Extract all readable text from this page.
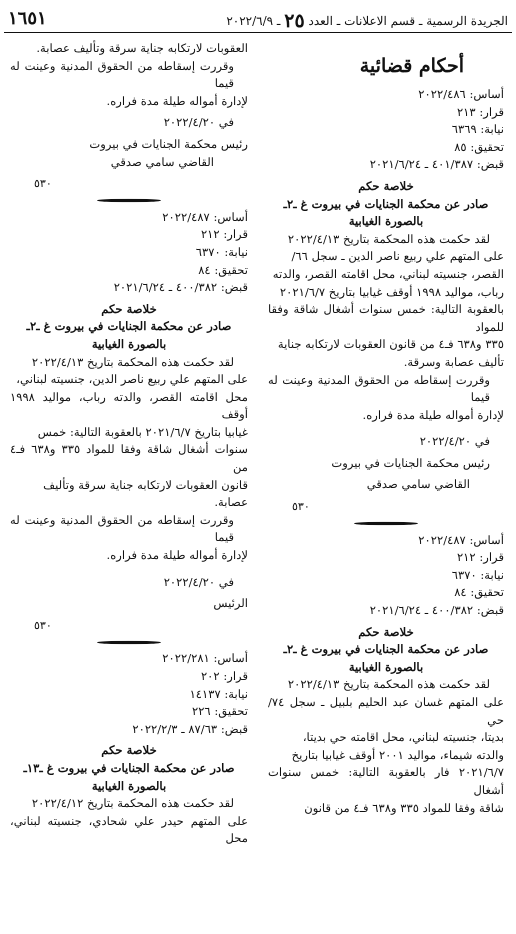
الجريدة الرسمية ـ قسم الاعلانات ـ العدد ٢٥ ـ ٢٠٢٢/٦/٩
١٦٥١

أحكام قضائية

أساس: ٢٠٢٢/٤٨٦

قرار: ٢١٣

نيابة: ٦٣٦٩

تحقيق: ٨٥

قبض: ٤٠١/٣٨٧ ـ ٢٠٢١/٦/٢٤

خلاصة حكم

صادر عن محكمة الجنايات في بيروت غ ـ٢ـ

بالصورة الغيابية

لقد حكمت هذه المحكمة بتاريخ ٢٠٢٢/٤/١٣

على المتهم علي ربيع ناصر الدين ـ سجل ٦٦/

القصر، جنسيته لبناني، محل اقامته القصر، والدته

رباب، مواليد ١٩٩٨ أوقف غيابيا بتاريخ ٢٠٢١/٦/٧

بالعقوبة التالية: خمس سنوات أشغال شاقة وفقا للمواد

٣٣٥ و٦٣٨ فـ٤ من قانون العقوبات لارتكابه جناية

تأليف عصابة وسرقة.

وقررت إسقاطه من الحقوق المدنية وعينت له قيما

لإدارة أمواله طيلة مدة فراره.

في ٢٠٢٢/٤/٢٠

رئيس محكمة الجنايات في بيروت

القاضي سامي صدقي

٥٣٠

أساس: ٢٠٢٢/٤٨٧

قرار: ٢١٢

نيابة: ٦٣٧٠

تحقيق: ٨٤

قبض: ٤٠٠/٣٨٢ ـ ٢٠٢١/٦/٢٤

خلاصة حكم

صادر عن محكمة الجنايات في بيروت غ ـ٢ـ

بالصورة الغيابية

لقد حكمت هذه المحكمة بتاريخ ٢٠٢٢/٤/١٣

على المتهم غسان عبد الحليم بلبيل ـ سجل ٧٤/ حي

بديتا، جنسيته لبناني، محل اقامته حي بديتا،

والدته شيماء، مواليد ٢٠٠١ أوقف غيابيا بتاريخ

٢٠٢١/٦/٧ فار بالعقوبة التالية: خمس سنوات أشغال

شاقة وفقا للمواد ٣٣٥ و٦٣٨ فـ٤ من قانون

العقوبات لارتكابه جناية سرقة وتأليف عصابة.

وقررت إسقاطه من الحقوق المدنية وعينت له قيما

لإدارة أمواله طيلة مدة فراره.

في ٢٠٢٢/٤/٢٠

رئيس محكمة الجنايات في بيروت

القاضي سامي صدقي

٥٣٠

أساس: ٢٠٢٢/٤٨٧

قرار: ٢١٢

نيابة: ٦٣٧٠

تحقيق: ٨٤

قبض: ٤٠٠/٣٨٢ ـ ٢٠٢١/٦/٢٤

خلاصة حكم

صادر عن محكمة الجنايات في بيروت غ ـ٢ـ

بالصورة الغيابية

لقد حكمت هذه المحكمة بتاريخ ٢٠٢٢/٤/١٣

على المتهم علي ربيع ناصر الدين، جنسيته لبناني،

محل اقامته القصر، والدته رباب، مواليد ١٩٩٨ أوقف

غيابيا بتاريخ ٢٠٢١/٦/٧ بالعقوبة التالية: خمس

سنوات أشغال شاقة وفقا للمواد ٣٣٥ و٦٣٨ فـ٤ من

قانون العقوبات لارتكابه جناية سرقة وتأليف عصابة.

وقررت إسقاطه من الحقوق المدنية وعينت له قيما

لإدارة أمواله طيلة مدة فراره.

في ٢٠٢٢/٤/٢٠

الرئيس

٥٣٠

أساس: ٢٠٢٢/٢٨١

قرار: ٢٠٢

نيابة: ١٤١٣٧

تحقيق: ٢٢٦

قبض: ٨٧/٦٣ ـ ٢٠٢٢/٢/٣

خلاصة حكم

صادر عن محكمة الجنايات في بيروت غ ـ١٣ـ

بالصورة الغيابية

لقد حكمت هذه المحكمة بتاريخ ٢٠٢٢/٤/١٢

على المتهم حيدر علي شحادي، جنسيته لبناني، محل
